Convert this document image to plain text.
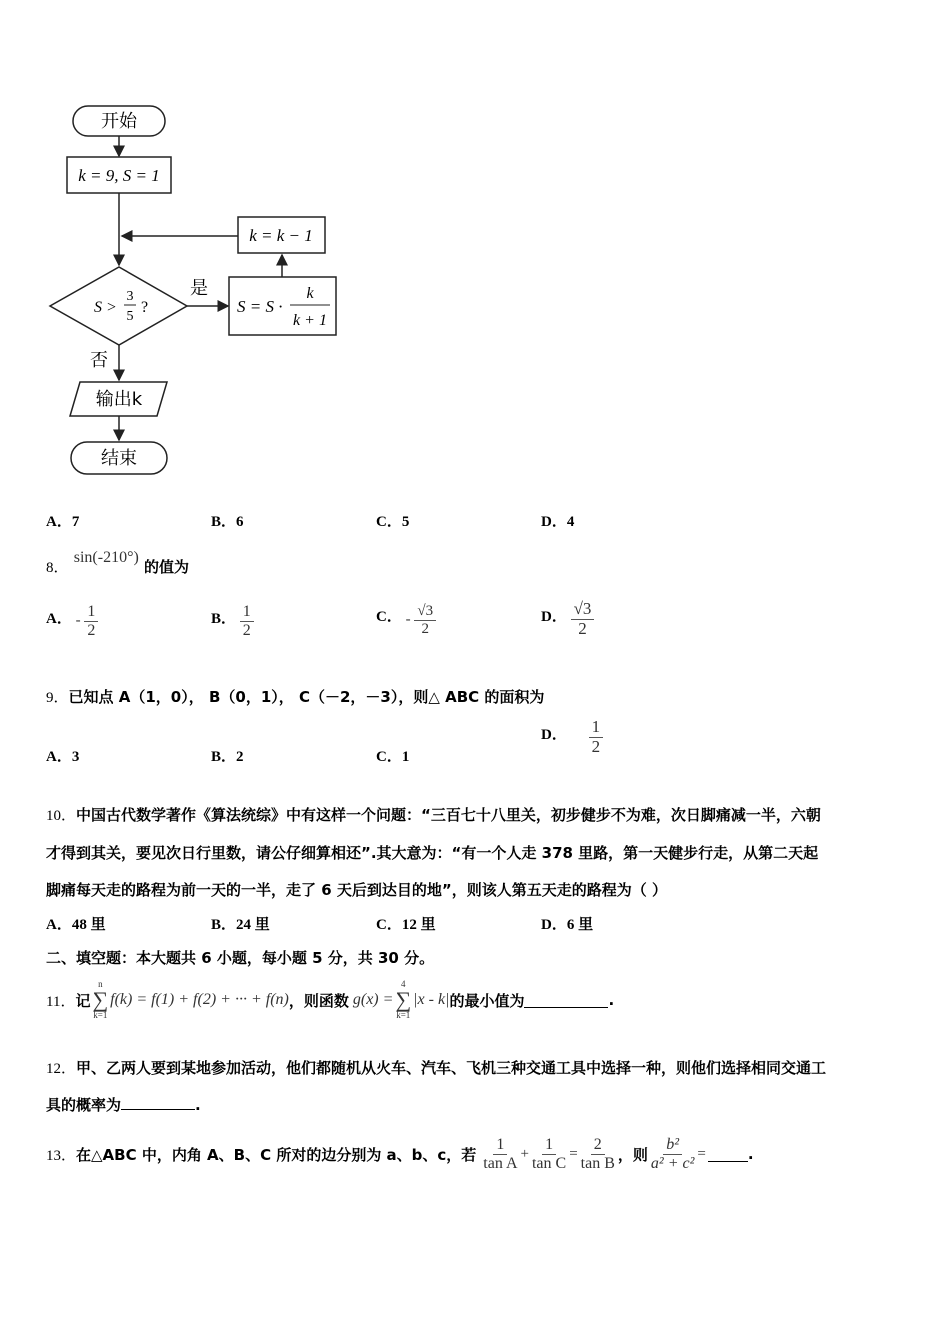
开始
k = 9, S = 1
k = k − 1
S >
3
5
?
是
S = S ·
k
k + 1
否
输出k
结束
A．7	B．6	C．5	D．4
8． sin(-210°) 的值为
A． - $\frac{1}{2}$	B． $\frac{1}{2}$	C． - $\frac{√3}{2}$	D． $\frac{√3}{2}$
9．已知点 A（1，0）， B（0，1）， C（－2，－3），则△ ABC 的面积为
A．3	B．2	C．1
D． $\frac{1}{2}$
10．中国古代数学著作《算法统综》中有这样一个问题：“三百七十八里关，初步健步不为难，次日脚痛减一半，六朝
才得到其关，要见次日行里数，请公仔细算相还”.其大意为：“有一个人走 378 里路，第一天健步行走，从第二天起
脚痛每天走的路程为前一天的一半，走了 6 天后到达目的地”，则该人第五天走的路程为（ ）
A．48 里	B．24 里	C．12 里	D．6 里
二、填空题：本大题共 6 小题，每小题 5 分，共 30 分。
11． 记
n
∑
k=1
f(k) = f(1) + f(2) + ··· + f(n) ，则函数 g(x) =
4
∑
k=1
|x - k| 的最小值为	.
12．甲、乙两人要到某地参加活动，他们都随机从火车、汽车、飞机三种交通工具中选择一种，则他们选择相同交通工
具的概率为	.
13． 在△ABC 中，内角 A、B、C 所对的边分别为 a、b、c，若 $\frac{1}{\text{tan A}} + \frac{1}{\text{tan C}} = \frac{2}{\text{tan B}}$ ，则 $\frac{\text{b²}}{\text{a² + c²}}$ =	.
